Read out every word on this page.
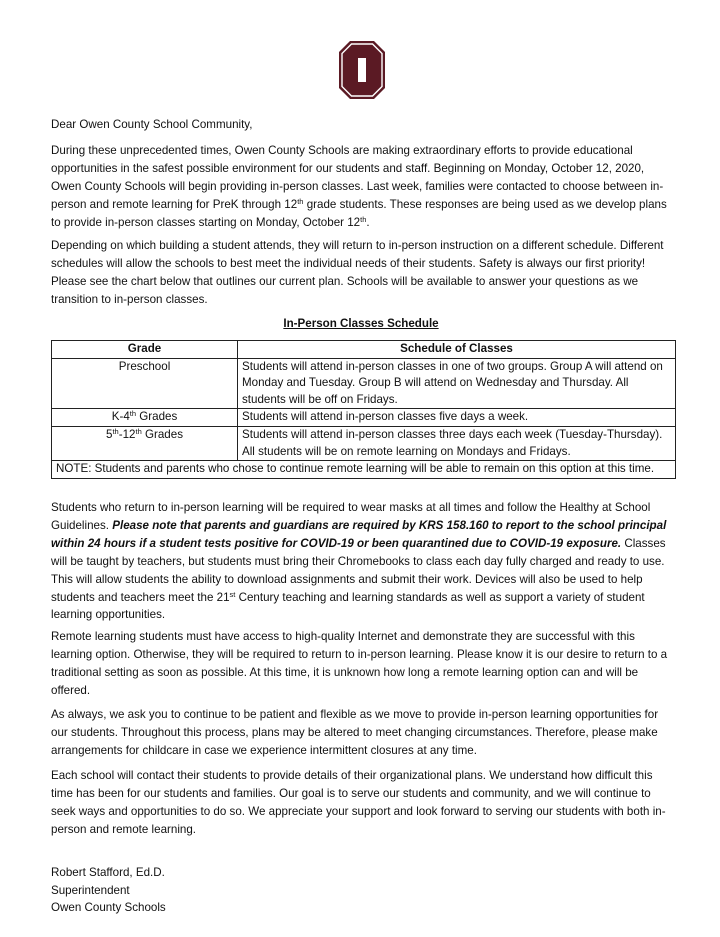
Dear Owen County School Community,

During these unprecedented times, Owen County Schools are making extraordinary efforts to provide educational opportunities in the safest possible environment for our students and staff. Beginning on Monday, October 12, 2020, Owen County Schools will begin providing in-person classes. Last week, families were contacted to choose between in-person and remote learning for PreK through 12th grade students. These responses are being used as we develop plans to provide in-person classes starting on Monday, October 12th.

Depending on which building a student attends, they will return to in-person instruction on a different schedule. Different schedules will allow the schools to best meet the individual needs of their students. Safety is always our first priority! Please see the chart below that outlines our current plan. Schools will be available to answer your questions as we transition to in-person classes.

In-Person Classes Schedule

Grade	Schedule of Classes
Preschool	Students will attend in-person classes in one of two groups. Group A will attend on Monday and Tuesday. Group B will attend on Wednesday and Thursday. All students will be off on Fridays.
K-4th Grades	Students will attend in-person classes five days a week.
5th-12th Grades	Students will attend in-person classes three days each week (Tuesday-Thursday). All students will be on remote learning on Mondays and Fridays.
NOTE: Students and parents who chose to continue remote learning will be able to remain on this option at this time.	

Students who return to in-person learning will be required to wear masks at all times and follow the Healthy at School Guidelines. Please note that parents and guardians are required by KRS 158.160 to report to the school principal within 24 hours if a student tests positive for COVID-19 or been quarantined due to COVID-19 exposure. Classes will be taught by teachers, but students must bring their Chromebooks to class each day fully charged and ready to use. This will allow students the ability to download assignments and submit their work. Devices will also be used to help students and teachers meet the 21st Century teaching and learning standards as well as support a variety of student learning opportunities.

Remote learning students must have access to high-quality Internet and demonstrate they are successful with this learning option. Otherwise, they will be required to return to in-person learning. Please know it is our desire to return to a traditional setting as soon as possible. At this time, it is unknown how long a remote learning option can and will be offered.

As always, we ask you to continue to be patient and flexible as we move to provide in-person learning opportunities for our students. Throughout this process, plans may be altered to meet changing circumstances. Therefore, please make arrangements for childcare in case we experience intermittent closures at any time.

Each school will contact their students to provide details of their organizational plans. We understand how difficult this time has been for our students and families. Our goal is to serve our students and community, and we will continue to seek ways and opportunities to do so. We appreciate your support and look forward to serving our students with both in-person and remote learning.

Robert Stafford, Ed.D.
Superintendent
Owen County Schools
